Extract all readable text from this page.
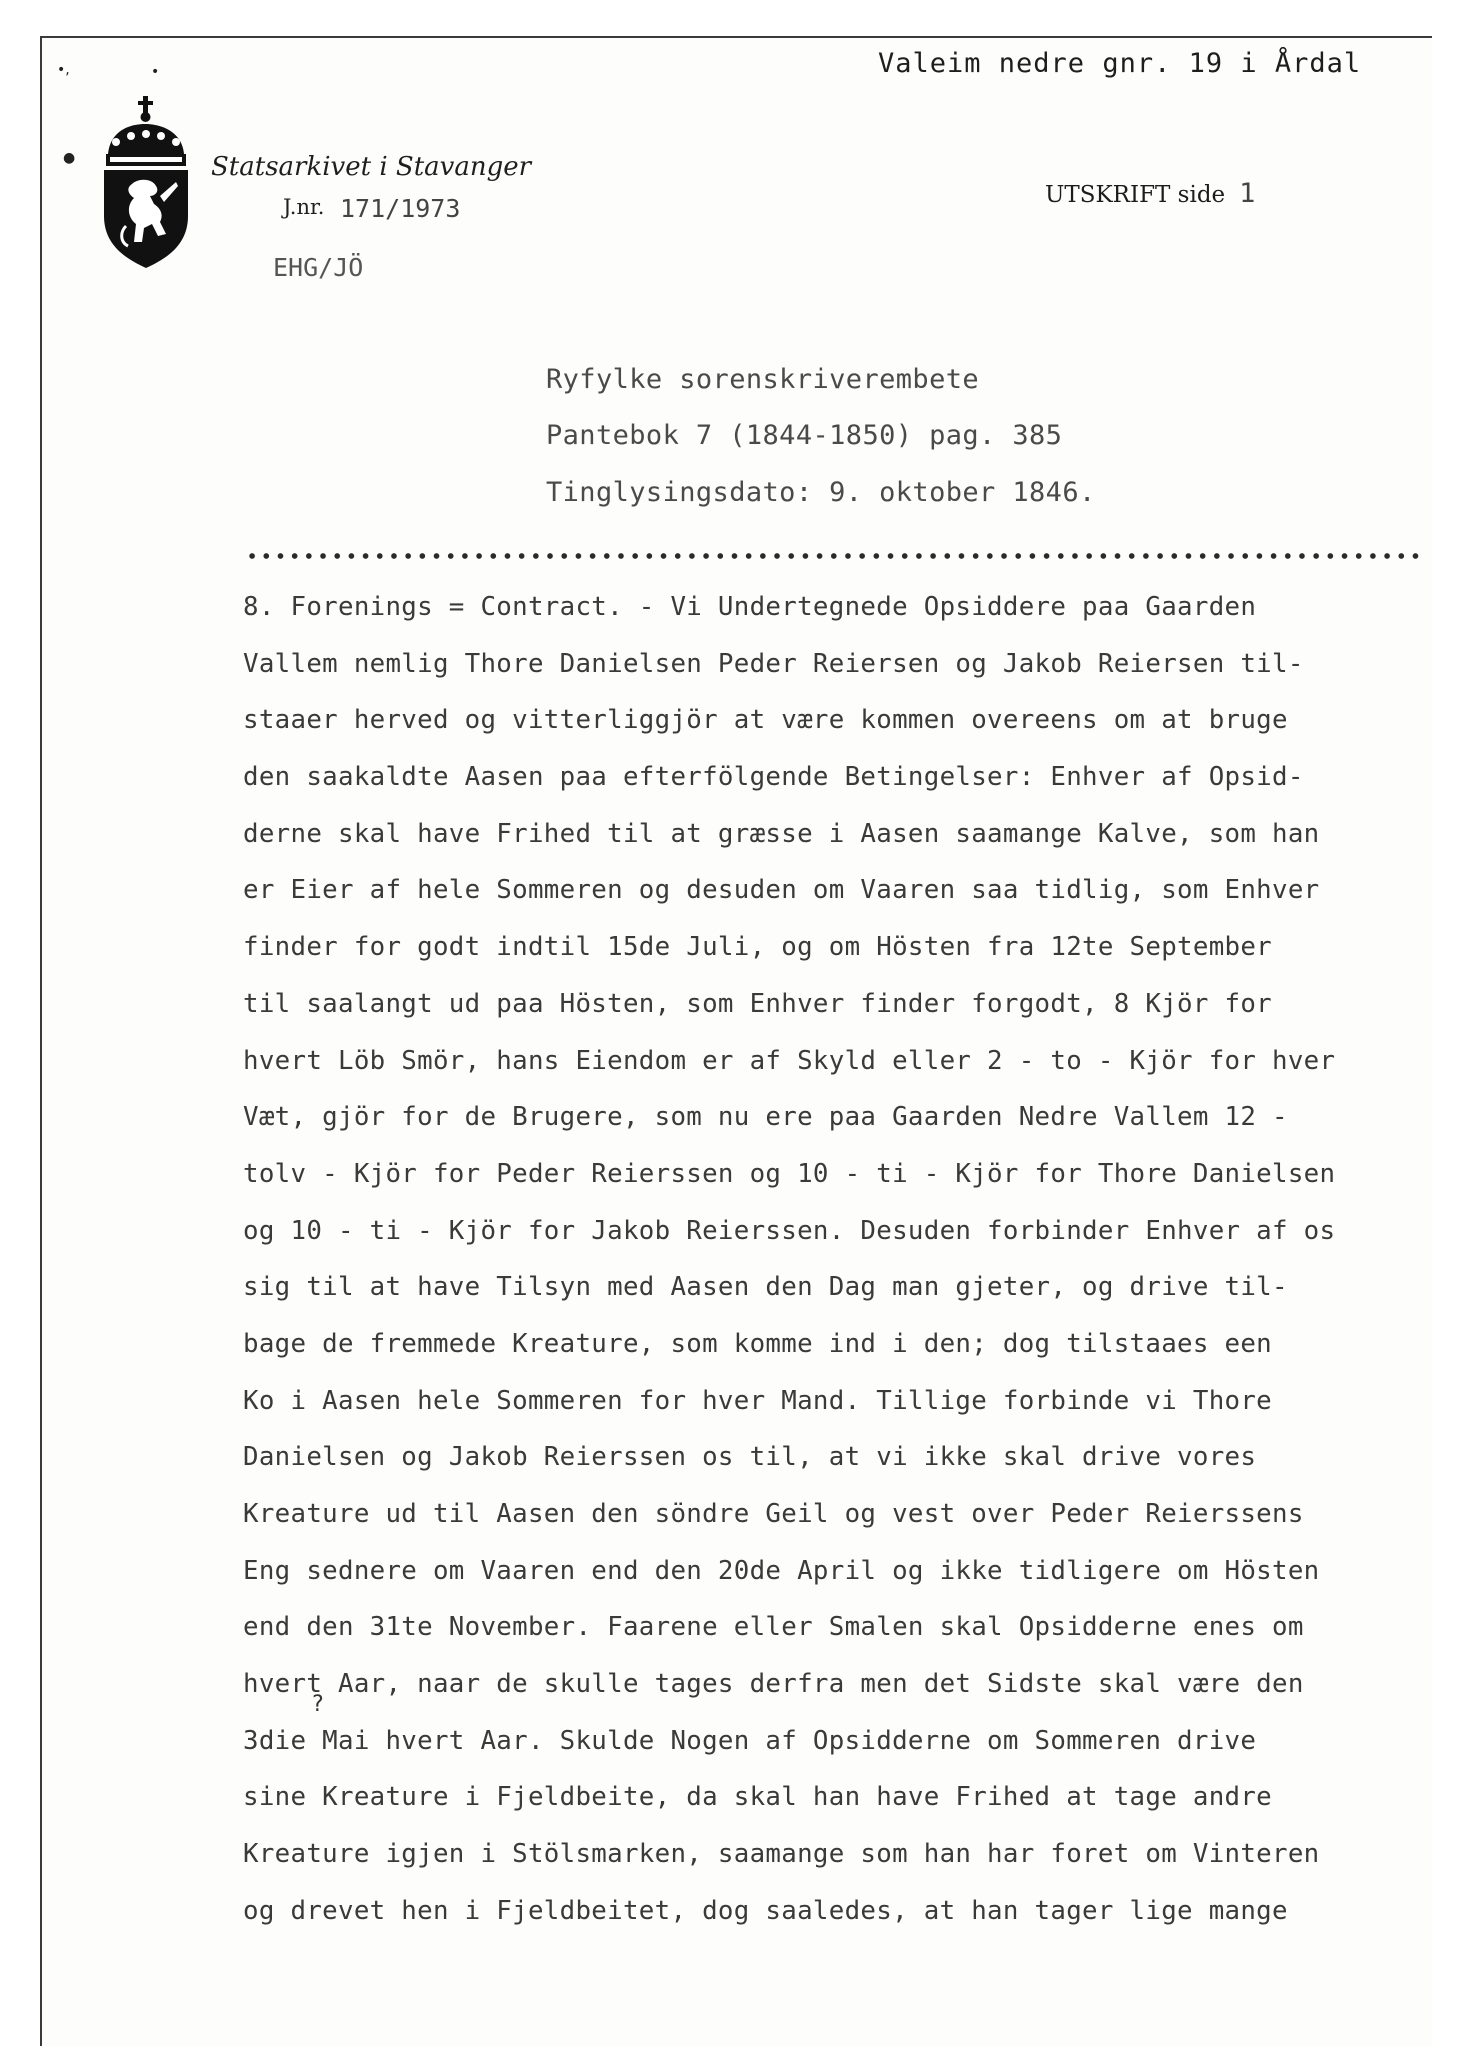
•,	•
●
Valeim nedre gnr. 19 i Årdal
Statsarkivet i Stavanger
J.nr. 171/1973
EHG/JÖ
UTSKRIFT side 1
Ryfylke sorenskriverembete
Pantebok 7 (1844-1850) pag. 385
Tinglysingsdato: 9. oktober 1846.
8. Forenings = Contract. - Vi Undertegnede Opsiddere paa Gaarden
Vallem nemlig Thore Danielsen Peder Reiersen og Jakob Reiersen til-
staaer herved og vitterliggjör at være kommen overeens om at bruge
den saakaldte Aasen paa efterfölgende Betingelser: Enhver af Opsid-
derne skal have Frihed til at græsse i Aasen saamange Kalve, som han
er Eier af hele Sommeren og desuden om Vaaren saa tidlig, som Enhver
finder for godt indtil 15de Juli, og om Hösten fra 12te September
til saalangt ud paa Hösten, som Enhver finder forgodt, 8 Kjör for
hvert Löb Smör, hans Eiendom er af Skyld eller 2 - to - Kjör for hver
Væt, gjör for de Brugere, som nu ere paa Gaarden Nedre Vallem 12 -
tolv - Kjör for Peder Reierssen og 10 - ti - Kjör for Thore Danielsen
og 10 - ti - Kjör for Jakob Reierssen. Desuden forbinder Enhver af os
sig til at have Tilsyn med Aasen den Dag man gjeter, og drive til-
bage de fremmede Kreature, som komme ind i den; dog tilstaaes een
Ko i Aasen hele Sommeren for hver Mand. Tillige forbinde vi Thore
Danielsen og Jakob Reierssen os til, at vi ikke skal drive vores
Kreature ud til Aasen den söndre Geil og vest over Peder Reierssens
Eng sednere om Vaaren end den 20de April og ikke tidligere om Hösten
end den 31te November. Faarene eller Smalen skal Opsidderne enes om
hvert Aar, naar de skulle tages derfra men det Sidste skal være den
3die Mai hvert Aar. Skulde Nogen af Opsidderne om Sommeren drive
sine Kreature i Fjeldbeite, da skal han have Frihed at tage andre
Kreature igjen i Stölsmarken, saamange som han har foret om Vinteren
og drevet hen i Fjeldbeitet, dog saaledes, at han tager lige mange
?
